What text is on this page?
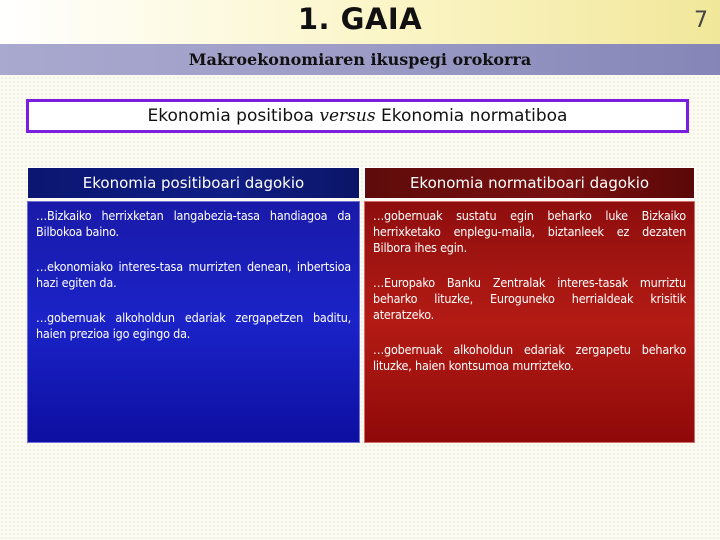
1. GAIA	7
Makroekonomiaren ikuspegi orokorra
Ekonomia positiboa versus Ekonomia normatiboa
Ekonomia positiboari dagokio	Ekonomia normatiboari dagokio

…Bizkaiko herrixketan langabezia-tasa handiagoa da Bilbokoa baino.

…ekonomiako interes-tasa murrizten denean, inbertsioa hazi egiten da.

…gobernuak alkoholdun edariak zergapetzen baditu, haien prezioa igo egingo da.

…gobernuak sustatu egin beharko luke Bizkaiko herrixketako enplegu-maila, biztanleek ez dezaten Bilbora ihes egin.

…Europako Banku Zentralak interes-tasak murriztu beharko lituzke, Euroguneko herrialdeak krisitik ateratzeko.

…gobernuak alkoholdun edariak zergapetu beharko lituzke, haien kontsumoa murrizteko.
